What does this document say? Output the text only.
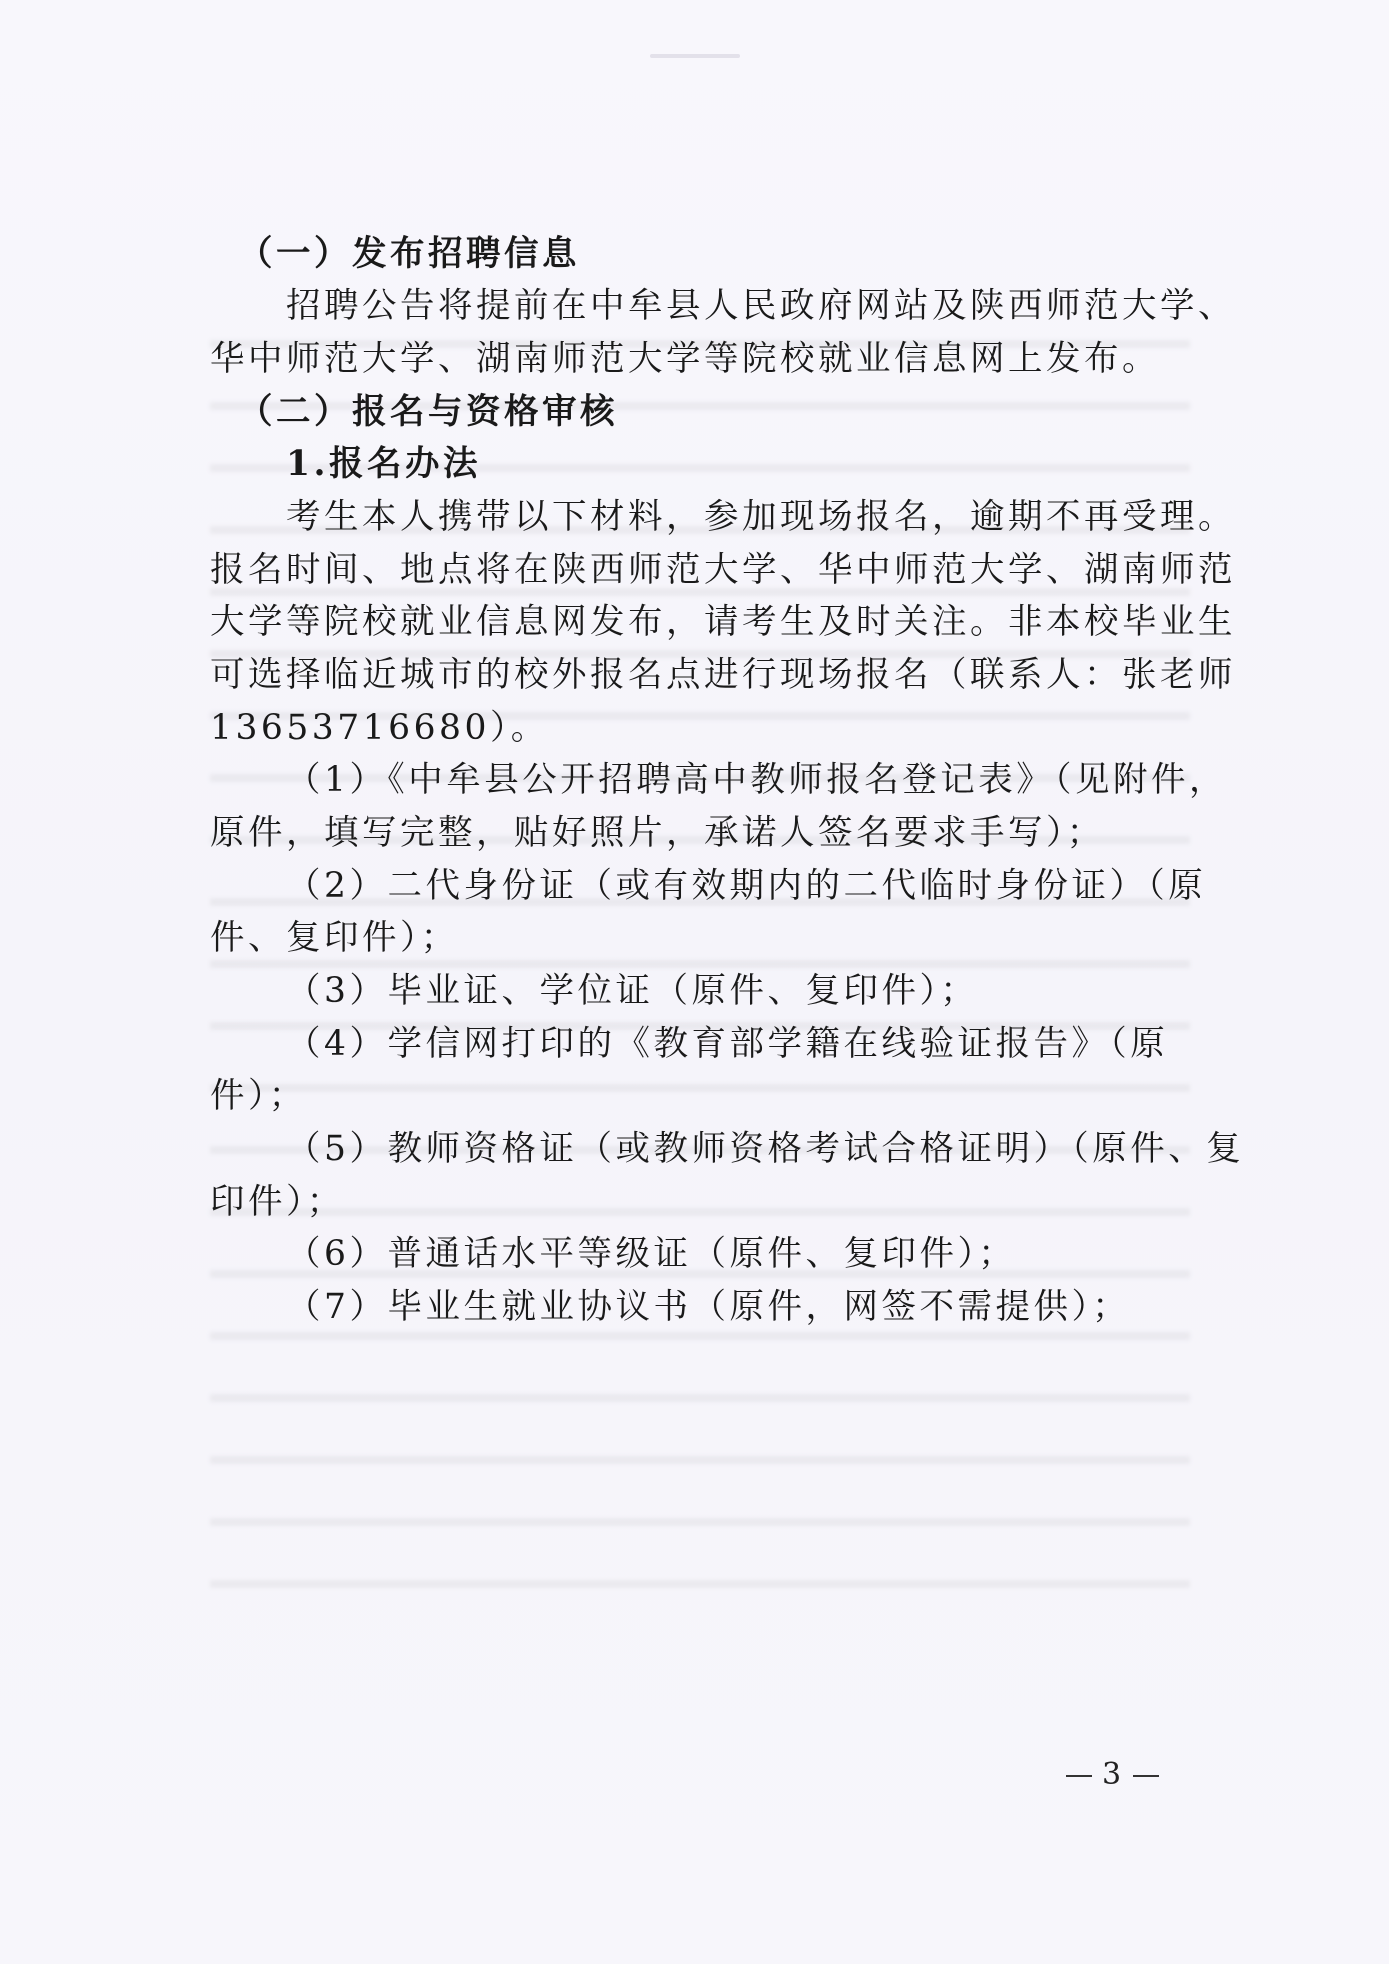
（一）发布招聘信息
招聘公告将提前在中牟县人民政府网站及陕西师范大学、
华中师范大学、湖南师范大学等院校就业信息网上发布。
（二）报名与资格审核
1.报名办法
考生本人携带以下材料，参加现场报名，逾期不再受理。
报名时间、地点将在陕西师范大学、华中师范大学、湖南师范
大学等院校就业信息网发布，请考生及时关注。非本校毕业生
可选择临近城市的校外报名点进行现场报名（联系人：张老师
13653716680）。
（1）《中牟县公开招聘高中教师报名登记表》（见附件，
原件，填写完整，贴好照片，承诺人签名要求手写）；
（2）二代身份证（或有效期内的二代临时身份证）（原
件、复印件）；
（3）毕业证、学位证（原件、复印件）；
（4）学信网打印的《教育部学籍在线验证报告》（原
件）；
（5）教师资格证（或教师资格考试合格证明）（原件、复
印件）；
（6）普通话水平等级证（原件、复印件）；
（7）毕业生就业协议书（原件，网签不需提供）；
3
